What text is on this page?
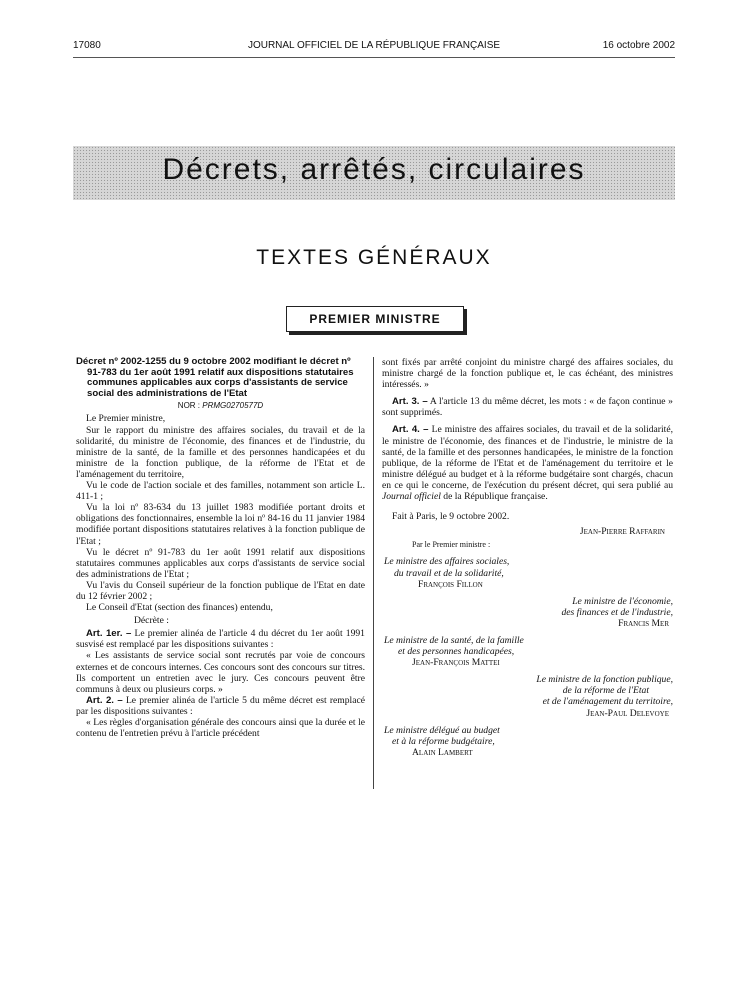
17080	JOURNAL OFFICIEL DE LA RÉPUBLIQUE FRANÇAISE	16 octobre 2002
Décrets, arrêtés, circulaires
TEXTES GÉNÉRAUX
PREMIER MINISTRE
Décret nº 2002-1255 du 9 octobre 2002 modifiant le décret nº 91-783 du 1er août 1991 relatif aux dispositions statutaires communes applicables aux corps d'assistants de service social des administrations de l'Etat
NOR : PRMG0270577D

Le Premier ministre,

Sur le rapport du ministre des affaires sociales, du travail et de la solidarité, du ministre de l'économie, des finances et de l'industrie, du ministre de la santé, de la famille et des personnes handicapées et du ministre de la fonction publique, de la réforme de l'Etat et de l'aménagement du territoire,

Vu le code de l'action sociale et des familles, notamment son article L. 411-1 ;

Vu la loi nº 83-634 du 13 juillet 1983 modifiée portant droits et obligations des fonctionnaires, ensemble la loi nº 84-16 du 11 janvier 1984 modifiée portant dispositions statutaires relatives à la fonction publique de l'Etat ;

Vu le décret nº 91-783 du 1er août 1991 relatif aux dispositions statutaires communes applicables aux corps d'assistants de service social des administrations de l'Etat ;

Vu l'avis du Conseil supérieur de la fonction publique de l'Etat en date du 12 février 2002 ;

Le Conseil d'Etat (section des finances) entendu,

Décrète :

Art. 1er. – Le premier alinéa de l'article 4 du décret du 1er août 1991 susvisé est remplacé par les dispositions suivantes :

« Les assistants de service social sont recrutés par voie de concours externes et de concours internes. Ces concours sont des concours sur titres. Ils comportent un entretien avec le jury. Ces concours peuvent être communs à deux ou plusieurs corps. »

Art. 2. – Le premier alinéa de l'article 5 du même décret est remplacé par les dispositions suivantes :

« Les règles d'organisation générale des concours ainsi que la durée et le contenu de l'entretien prévu à l'article précédent

sont fixés par arrêté conjoint du ministre chargé des affaires sociales, du ministre chargé de la fonction publique et, le cas échéant, des ministres intéressés. »

Art. 3. – A l'article 13 du même décret, les mots : « de façon continue » sont supprimés.

Art. 4. – Le ministre des affaires sociales, du travail et de la solidarité, le ministre de l'économie, des finances et de l'industrie, le ministre de la santé, de la famille et des personnes handicapées, le ministre de la fonction publique, de la réforme de l'Etat et de l'aménagement du territoire et le ministre délégué au budget et à la réforme budgétaire sont chargés, chacun en ce qui le concerne, de l'exécution du présent décret, qui sera publié au Journal officiel de la République française.

Fait à Paris, le 9 octobre 2002.

Jean-Pierre Raffarin
Par le Premier ministre :
Le ministre des affaires sociales,
du travail et de la solidarité,
François Fillon
Le ministre de l'économie,
des finances et de l'industrie,
Francis Mer
Le ministre de la santé, de la famille
et des personnes handicapées,
Jean-François Mattei
Le ministre de la fonction publique,
de la réforme de l'Etat
et de l'aménagement du territoire,
Jean-Paul Delevoye
Le ministre délégué au budget
et à la réforme budgétaire,
Alain Lambert
